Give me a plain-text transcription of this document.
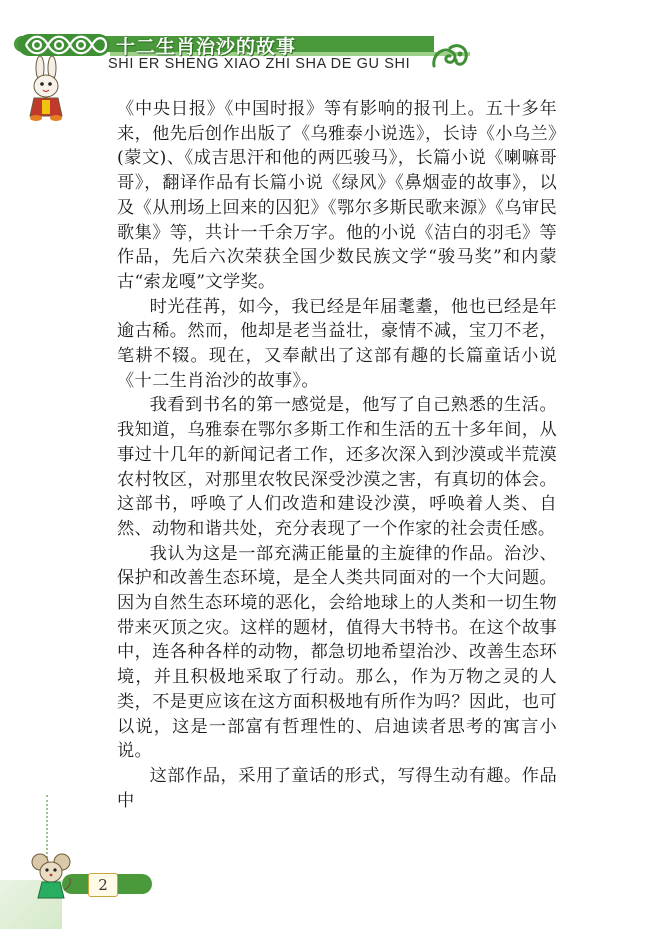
十二生肖治沙的故事
SHI ER SHENG XIAO ZHI SHA DE GU SHI

《中央日报》《中国时报》等有影响的报刊上。五十多年来，他先后创作出版了《乌雅泰小说选》，长诗《小乌兰》(蒙文)、《成吉思汗和他的两匹骏马》，长篇小说《喇嘛哥哥》，翻译作品有长篇小说《绿风》《鼻烟壶的故事》，以及《从刑场上回来的囚犯》《鄂尔多斯民歌来源》《乌审民歌集》等，共计一千余万字。他的小说《洁白的羽毛》等作品，先后六次荣获全国少数民族文学“骏马奖”和内蒙古“索龙嘎”文学奖。

时光荏苒，如今，我已经是年届耄耋，他也已经是年逾古稀。然而，他却是老当益壮，豪情不减，宝刀不老，笔耕不辍。现在，又奉献出了这部有趣的长篇童话小说《十二生肖治沙的故事》。

我看到书名的第一感觉是，他写了自己熟悉的生活。我知道，乌雅泰在鄂尔多斯工作和生活的五十多年间，从事过十几年的新闻记者工作，还多次深入到沙漠或半荒漠农村牧区，对那里农牧民深受沙漠之害，有真切的体会。这部书，呼唤了人们改造和建设沙漠，呼唤着人类、自然、动物和谐共处，充分表现了一个作家的社会责任感。

我认为这是一部充满正能量的主旋律的作品。治沙、保护和改善生态环境，是全人类共同面对的一个大问题。因为自然生态环境的恶化，会给地球上的人类和一切生物带来灭顶之灾。这样的题材，值得大书特书。在这个故事中，连各种各样的动物，都急切地希望治沙、改善生态环境，并且积极地采取了行动。那么，作为万物之灵的人类，不是更应该在这方面积极地有所作为吗？因此，也可以说，这是一部富有哲理性的、启迪读者思考的寓言小说。

这部作品，采用了童话的形式，写得生动有趣。作品中

2
